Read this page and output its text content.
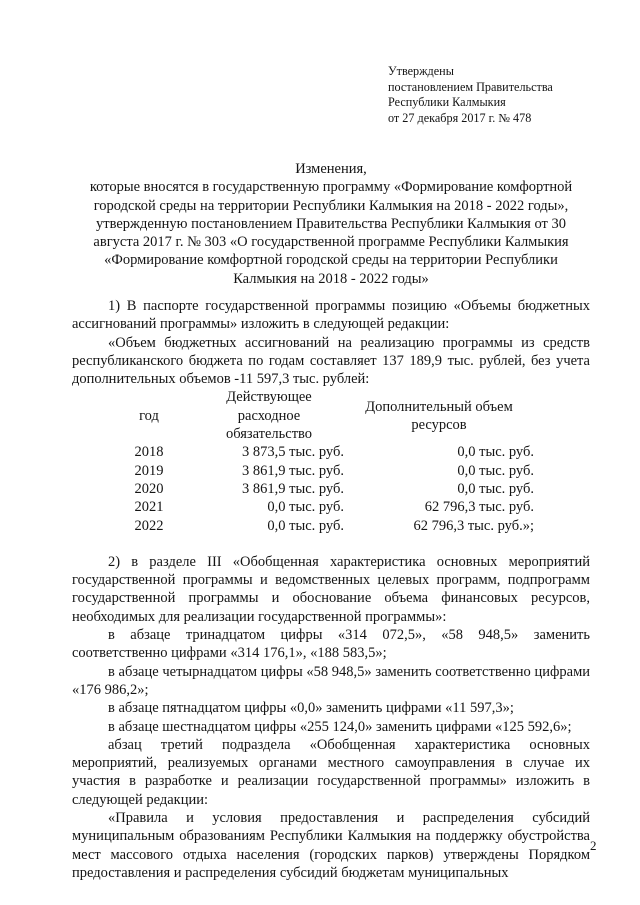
Утверждены
постановлением Правительства
Республики Калмыкия
от 27 декабря 2017 г. № 478
Изменения,
которые вносятся в государственную программу «Формирование комфортной городской среды на территории Республики Калмыкия на 2018 - 2022 годы», утвержденную постановлением Правительства Республики Калмыкия от 30 августа 2017 г. № 303 «О государственной программе Республики Калмыкия «Формирование комфортной городской среды на территории Республики Калмыкия на 2018 - 2022 годы»

1) В паспорте государственной программы позицию «Объемы бюджетных ассигнований программы» изложить в следующей редакции:

«Объем бюджетных ассигнований на реализацию программы из средств республиканского бюджета по годам составляет 137 189,9 тыс. рублей, без учета дополнительных объемов -11 597,3 тыс. рублей:

год	Действующее расходное обязательство	Дополнительный объем ресурсов
2018	3 873,5 тыс. руб.	0,0 тыс. руб.
2019	3 861,9 тыс. руб.	0,0 тыс. руб.
2020	3 861,9 тыс. руб.	0,0 тыс. руб.
2021	0,0 тыс. руб.	62 796,3 тыс. руб.
2022	0,0 тыс. руб.	62 796,3 тыс. руб.»;

2) в разделе III «Обобщенная характеристика основных мероприятий государственной программы и ведомственных целевых программ, подпрограмм государственной программы и обоснование объема финансовых ресурсов, необходимых для реализации государственной программы»:

в абзаце тринадцатом цифры «314 072,5», «58 948,5» заменить соответственно цифрами «314 176,1», «188 583,5»;

в абзаце четырнадцатом цифры «58 948,5» заменить соответственно цифрами «176 986,2»;

в абзаце пятнадцатом цифры «0,0» заменить цифрами «11 597,3»;

в абзаце шестнадцатом цифры «255 124,0» заменить цифрами «125 592,6»;

абзац третий подраздела «Обобщенная характеристика основных мероприятий, реализуемых органами местного самоуправления в случае их участия в разработке и реализации государственной программы» изложить в следующей редакции:

«Правила и условия предоставления и распределения субсидий муниципальным образованиям Республики Калмыкия на поддержку обустройства мест массового отдыха населения (городских парков) утверждены Порядком предоставления и распределения субсидий бюджетам муниципальных

2
